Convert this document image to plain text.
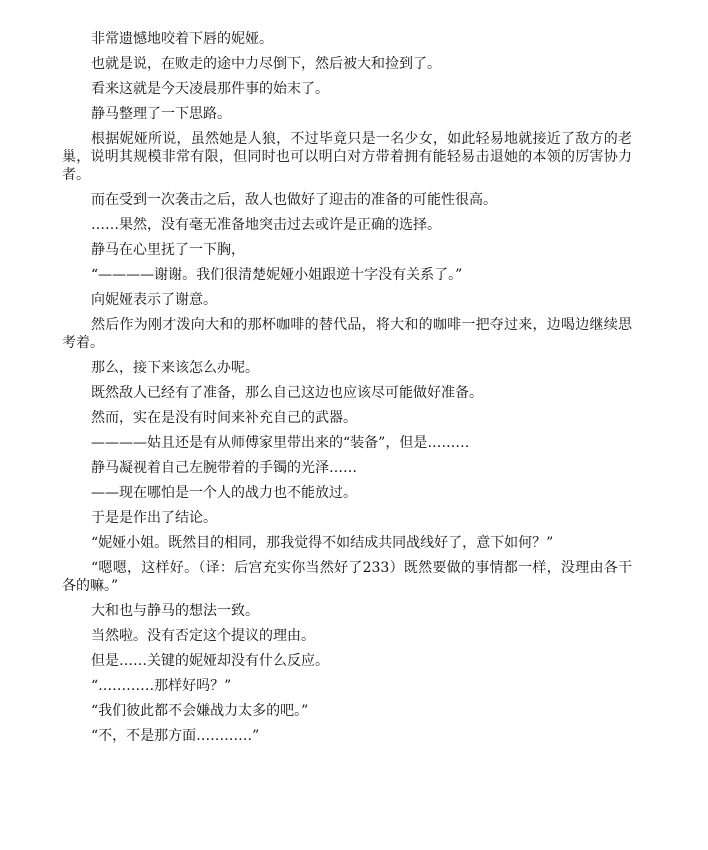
非常遗憾地咬着下唇的妮娅。

也就是说，在败走的途中力尽倒下，然后被大和捡到了。

看来这就是今天凌晨那件事的始末了。

静马整理了一下思路。

根据妮娅所说，虽然她是人狼，不过毕竟只是一名少女，如此轻易地就接近了敌方的老巢，说明其规模非常有限，但同时也可以明白对方带着拥有能轻易击退她的本领的厉害协力者。

而在受到一次袭击之后，敌人也做好了迎击的准备的可能性很高。

……果然，没有毫无准备地突击过去或许是正确的选择。

静马在心里抚了一下胸，

“————谢谢。我们很清楚妮娅小姐跟逆十字没有关系了。”

向妮娅表示了谢意。

然后作为刚才泼向大和的那杯咖啡的替代品，将大和的咖啡一把夺过来，边喝边继续思考着。

那么，接下来该怎么办呢。

既然敌人已经有了准备，那么自己这边也应该尽可能做好准备。

然而，实在是没有时间来补充自己的武器。

————姑且还是有从师傅家里带出来的“装备”，但是………

静马凝视着自己左腕带着的手镯的光泽……

——现在哪怕是一个人的战力也不能放过。

于是是作出了结论。

“妮娅小姐。既然目的相同，那我觉得不如结成共同战线好了，意下如何？”

“嗯嗯，这样好。（译：后宫充实你当然好了233）既然要做的事情都一样，没理由各干各的嘛。”

大和也与静马的想法一致。

当然啦。没有否定这个提议的理由。

但是……关键的妮娅却没有什么反应。

“…………那样好吗？”

“我们彼此都不会嫌战力太多的吧。”

“不，不是那方面…………”
